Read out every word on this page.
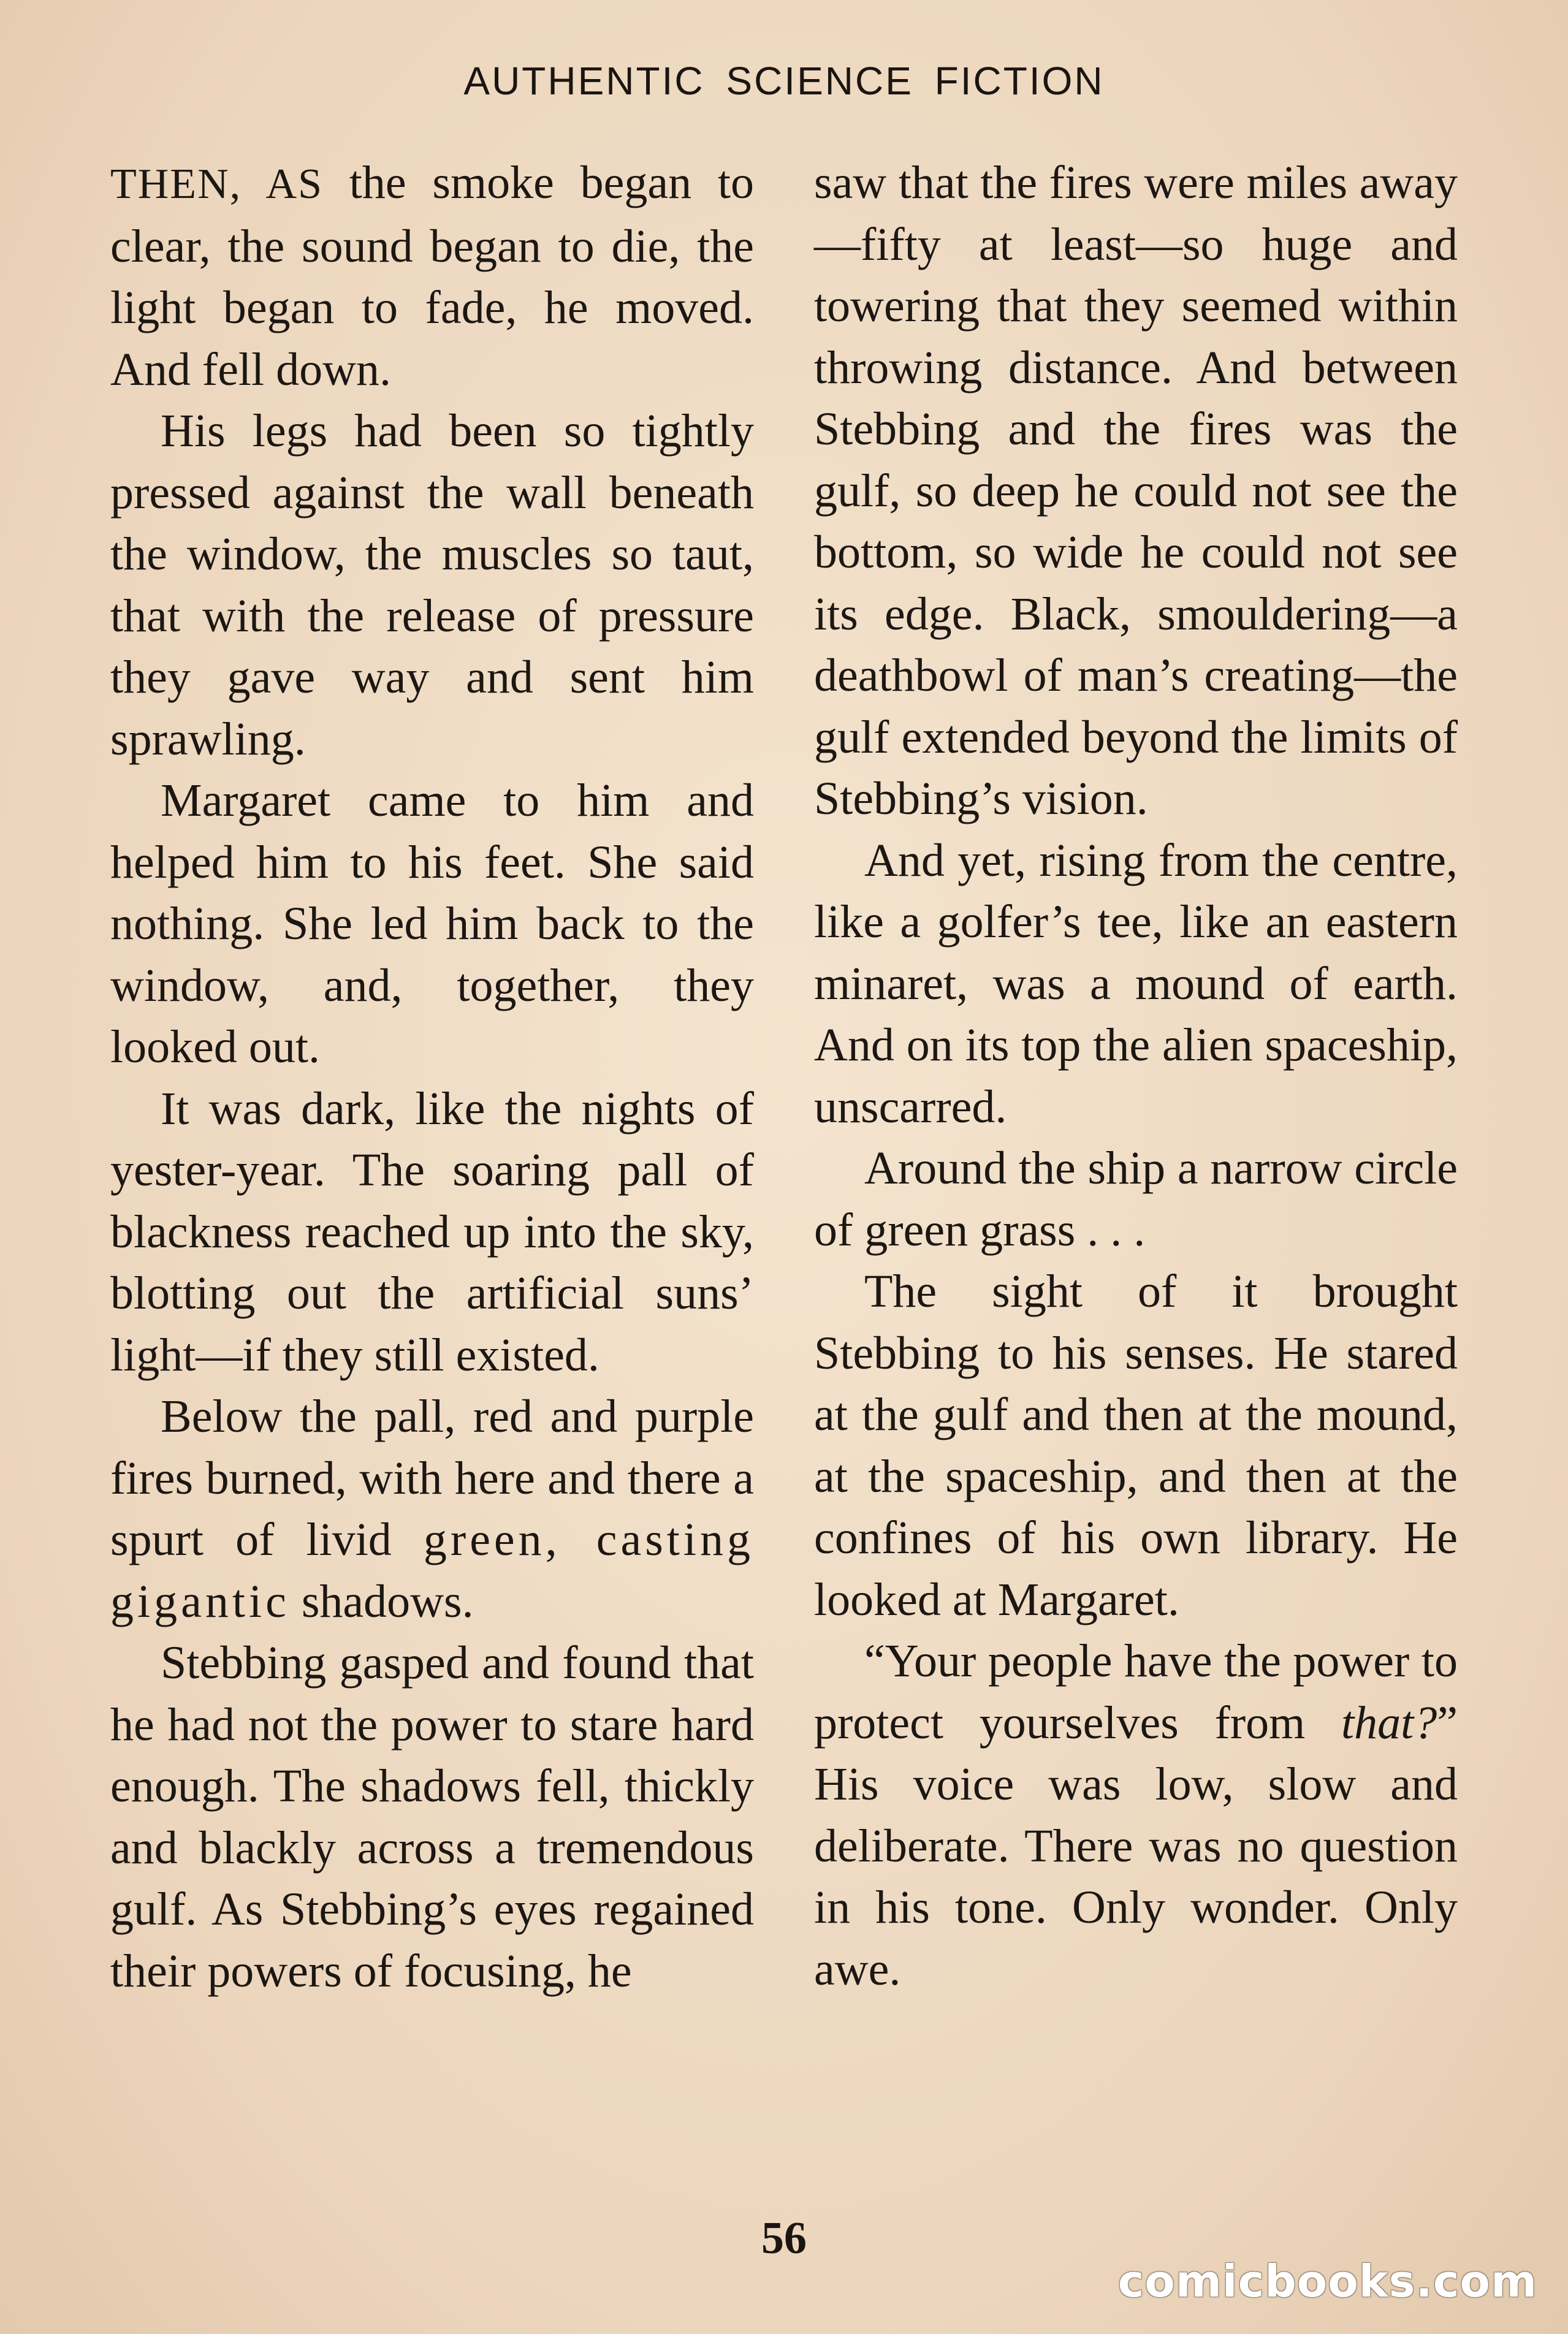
AUTHENTIC SCIENCE FICTION

THEN, AS the smoke began to clear, the sound began to die, the light began to fade, he moved. And fell down.

His legs had been so tightly pressed against the wall beneath the window, the muscles so taut, that with the release of pressure they gave way and sent him sprawling.

Margaret came to him and helped him to his feet. She said nothing. She led him back to the window, and, together, they looked out.

It was dark, like the nights of yester-year. The soaring pall of blackness reached up into the sky, blotting out the artificial suns’ light—if they still existed.

Below the pall, red and purple fires burned, with here and there a spurt of livid green, casting gigantic shadows.

Stebbing gasped and found that he had not the power to stare hard enough. The shadows fell, thickly and blackly across a tremendous gulf. As Stebbing’s eyes regained their powers of focusing, he

saw that the fires were miles away—fifty at least—so huge and towering that they seemed within throwing distance. And between Stebbing and the fires was the gulf, so deep he could not see the bottom, so wide he could not see its edge. Black, smouldering—a deathbowl of man’s creating—the gulf extended beyond the limits of Stebbing’s vision.

And yet, rising from the centre, like a golfer’s tee, like an eastern minaret, was a mound of earth. And on its top the alien spaceship, unscarred.

Around the ship a narrow circle of green grass . . .

The sight of it brought Stebbing to his senses. He stared at the gulf and then at the mound, at the spaceship, and then at the confines of his own library. He looked at Margaret.

“Your people have the power to protect yourselves from that?” His voice was low, slow and deliberate. There was no question in his tone. Only wonder. Only awe.

56
comicbooks.com
